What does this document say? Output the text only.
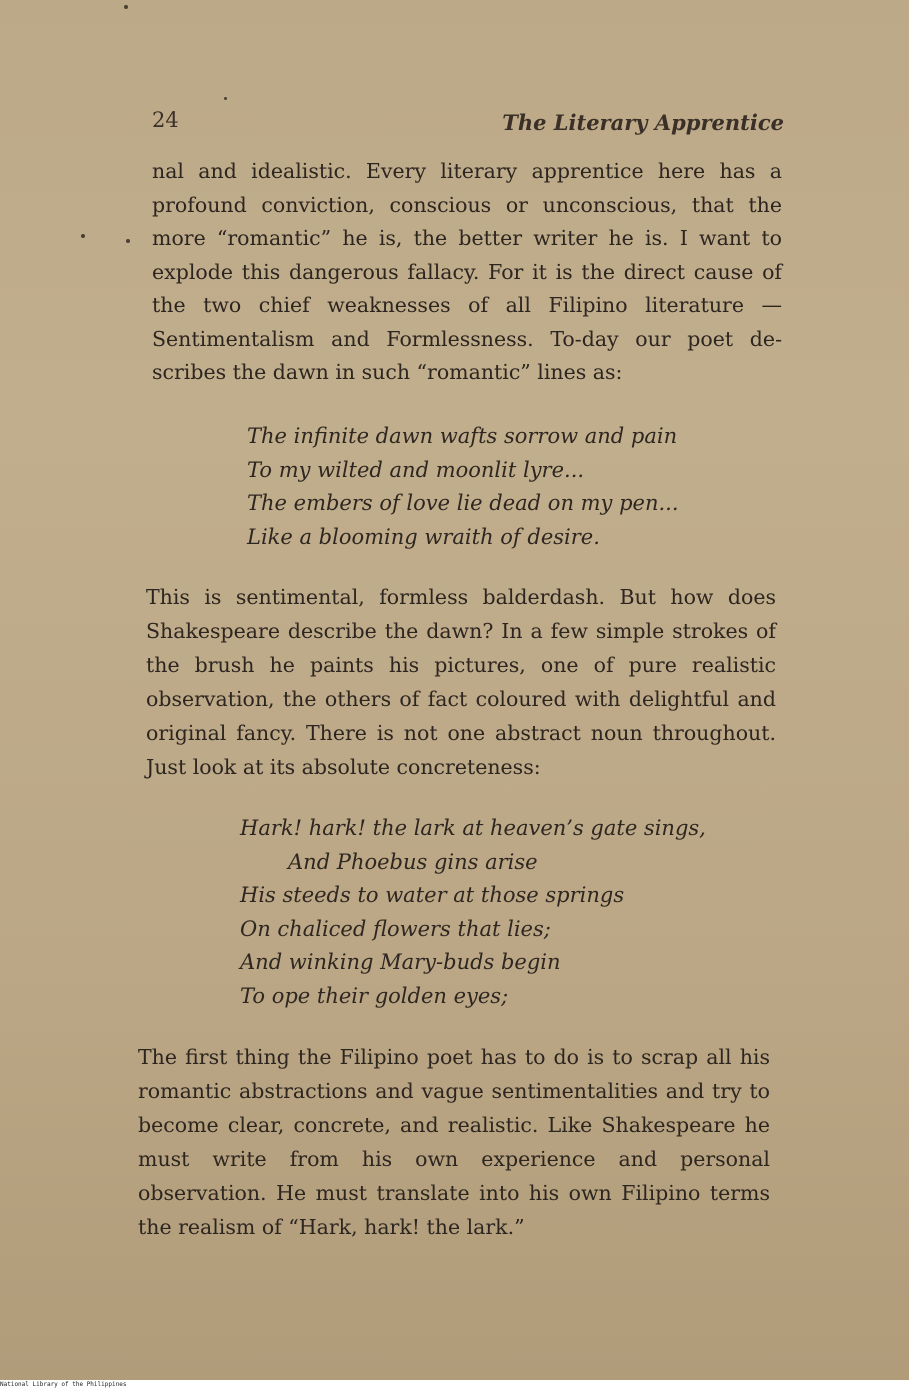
24	The Literary Apprentice

nal and idealistic. Every literary apprentice here has a profound conviction, conscious or unconscious, that the more “romantic” he is, the better writer he is. I want to explode this dangerous fallacy. For it is the direct cause of the two chief weaknesses of all Filipino literature —Sentimentalism and Formlessness. To-day our poet describes the dawn in such “romantic” lines as:

The infinite dawn wafts sorrow and pain
To my wilted and moonlit lyre...
The embers of love lie dead on my pen...
Like a blooming wraith of desire.

This is sentimental, formless balderdash. But how does Shakespeare describe the dawn? In a few simple strokes of the brush he paints his pictures, one of pure realistic observation, the others of fact coloured with delightful and original fancy. There is not one abstract noun throughout. Just look at its absolute concreteness:

Hark! hark! the lark at heaven’s gate sings,
And Phoebus gins arise
His steeds to water at those springs
On chaliced flowers that lies;
And winking Mary-buds begin
To ope their golden eyes;

The first thing the Filipino poet has to do is to scrap all his romantic abstractions and vague sentimentalities and try to become clear, concrete, and realistic. Like Shakespeare he must write from his own experience and personal observation. He must translate into his own Filipino terms the realism of “Hark, hark! the lark.”

National Library of the Philippines
